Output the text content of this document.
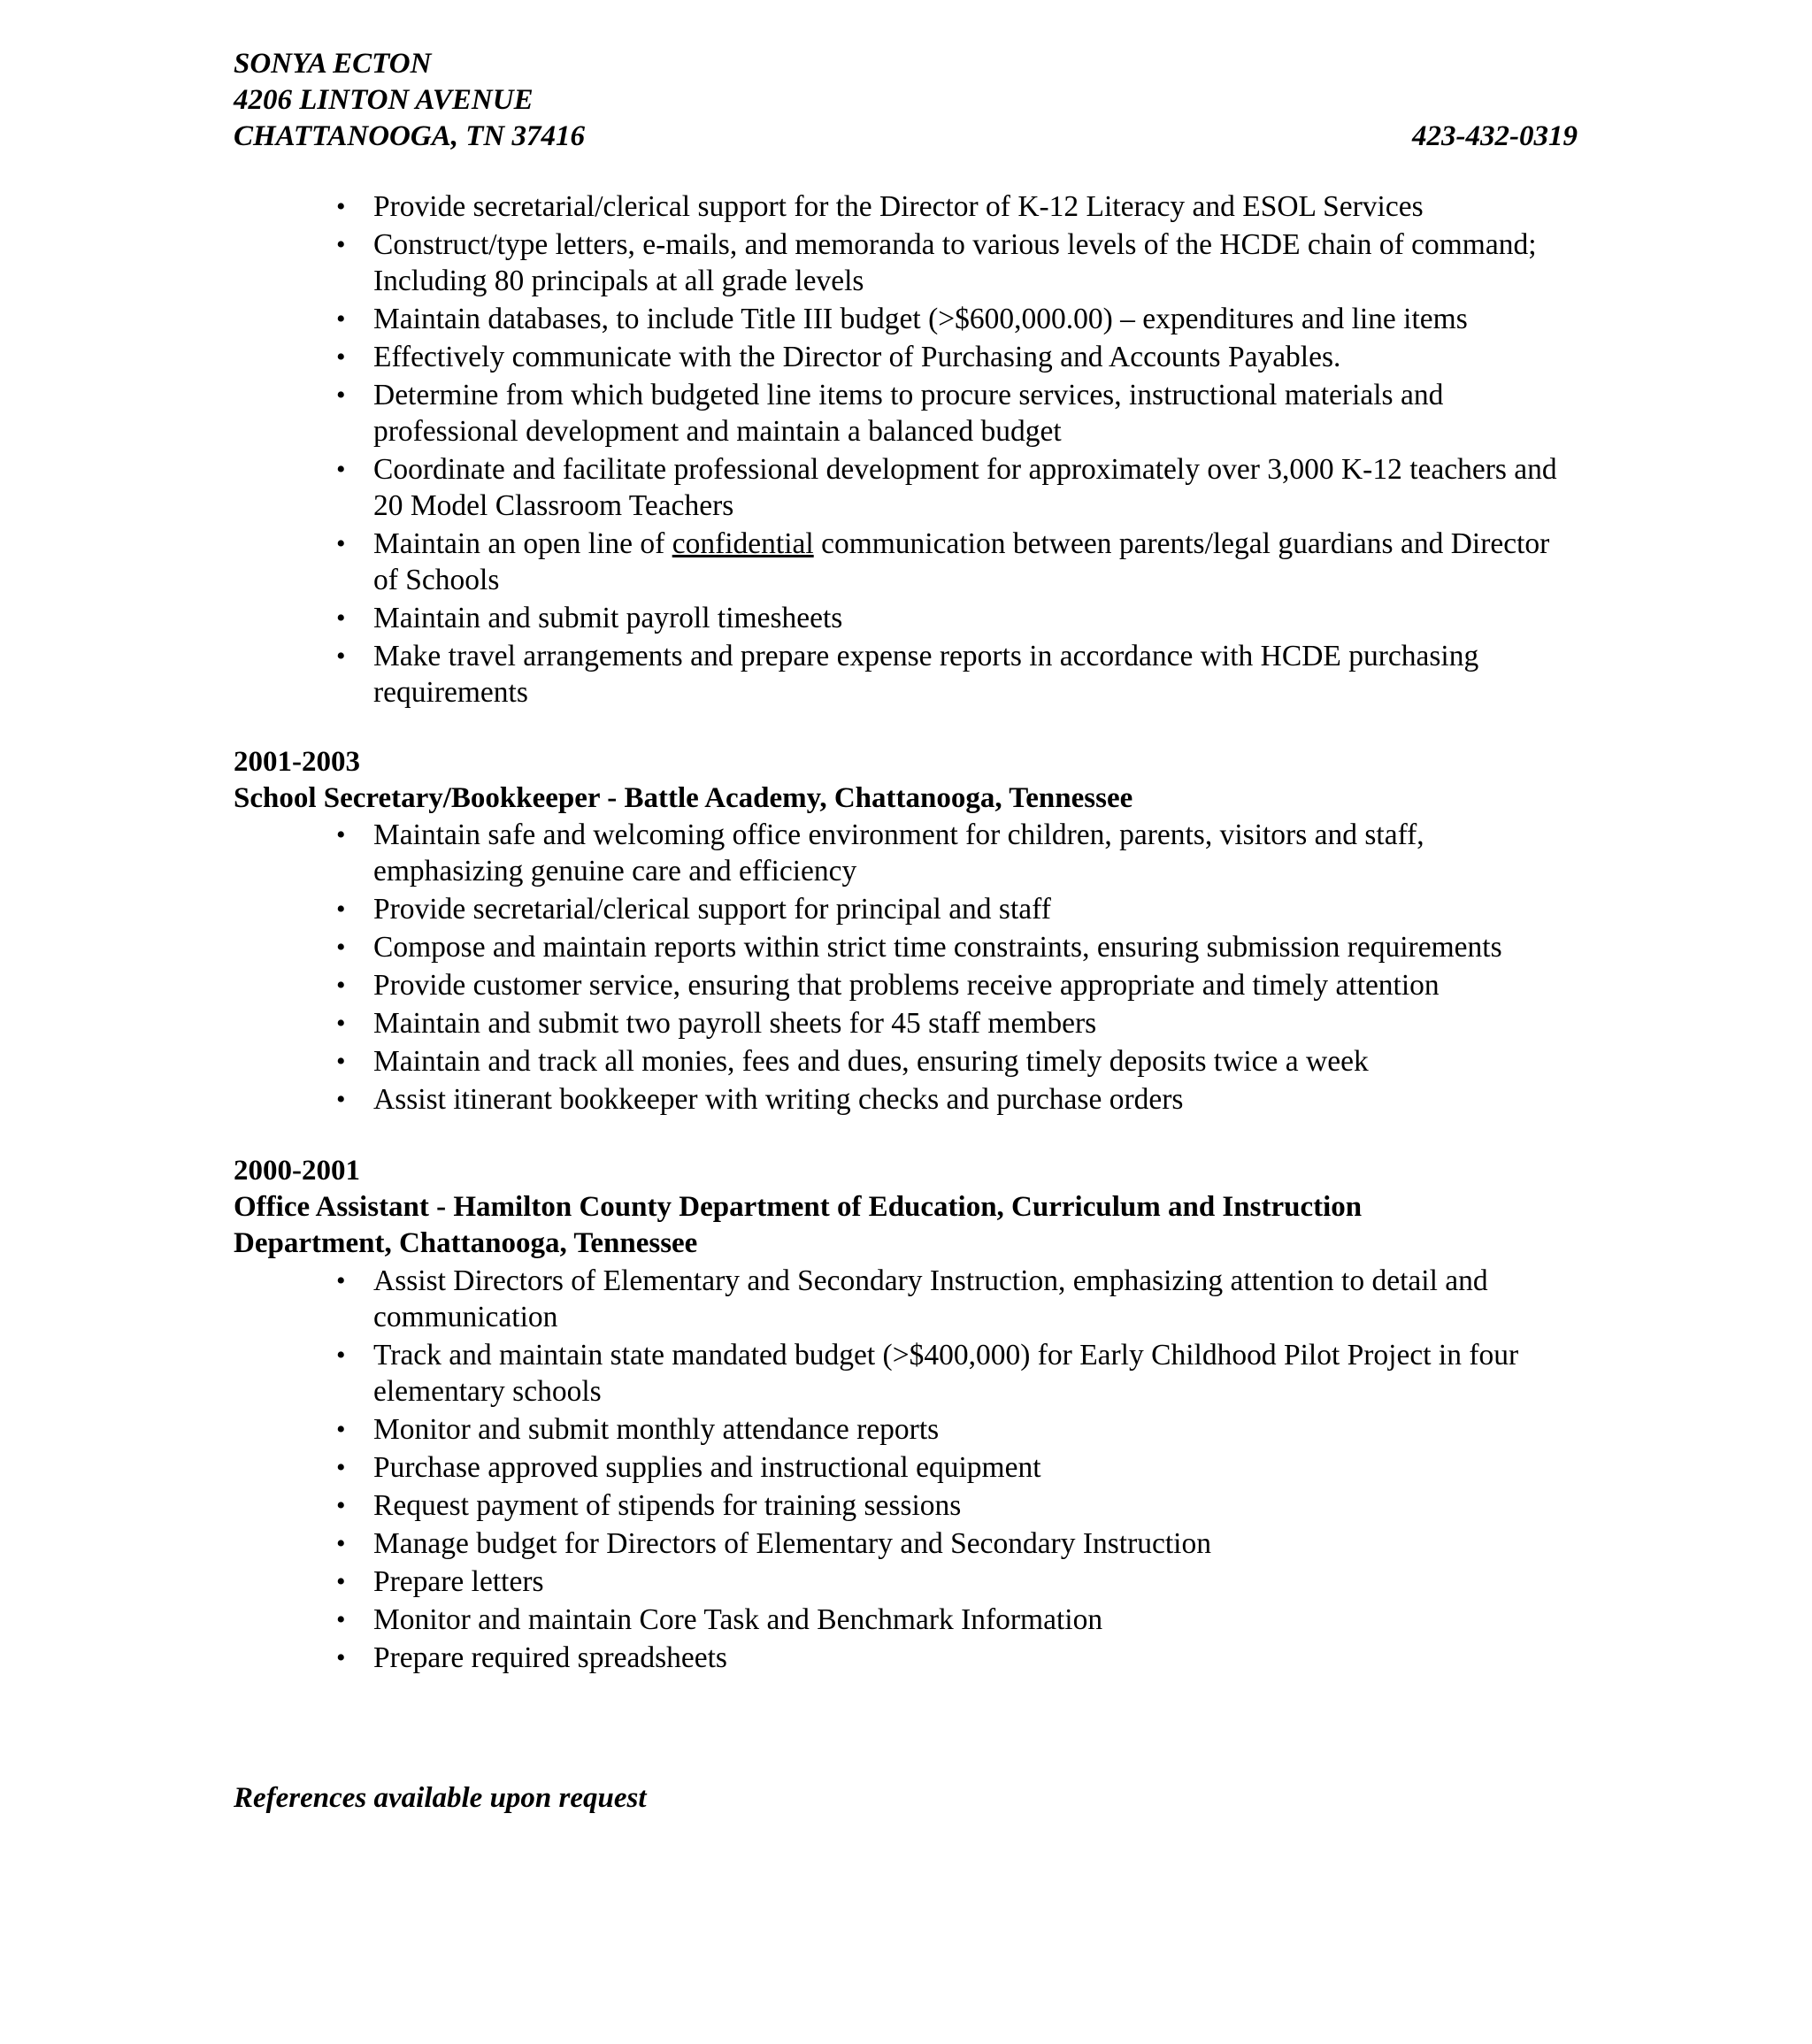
SONYA ECTON
4206 LINTON AVENUE
CHATTANOOGA, TN 37416	423-432-0319
• Provide secretarial/clerical support for the Director of K-12 Literacy and ESOL Services
• Construct/type letters, e-mails, and memoranda to various levels of the HCDE chain of command; Including 80 principals at all grade levels
• Maintain databases, to include Title III budget (>$600,000.00) – expenditures and line items
• Effectively communicate with the Director of Purchasing and Accounts Payables.
• Determine from which budgeted line items to procure services, instructional materials and professional development and maintain a balanced budget
• Coordinate and facilitate professional development for approximately over 3,000 K-12 teachers and 20 Model Classroom Teachers
• Maintain an open line of confidential communication between parents/legal guardians and Director of Schools
• Maintain and submit payroll timesheets
• Make travel arrangements and prepare expense reports in accordance with HCDE purchasing requirements
2001-2003
School Secretary/Bookkeeper - Battle Academy, Chattanooga, Tennessee
• Maintain safe and welcoming office environment for children, parents, visitors and staff, emphasizing genuine care and efficiency
• Provide secretarial/clerical support for principal and staff
• Compose and maintain reports within strict time constraints, ensuring submission requirements
• Provide customer service, ensuring that problems receive appropriate and timely attention
• Maintain and submit two payroll sheets for 45 staff members
• Maintain and track all monies, fees and dues, ensuring timely deposits twice a week
• Assist itinerant bookkeeper with writing checks and purchase orders
2000-2001
Office Assistant - Hamilton County Department of Education, Curriculum and Instruction Department, Chattanooga, Tennessee
• Assist Directors of Elementary and Secondary Instruction, emphasizing attention to detail and communication
• Track and maintain state mandated budget (>$400,000) for Early Childhood Pilot Project in four elementary schools
• Monitor and submit monthly attendance reports
• Purchase approved supplies and instructional equipment
• Request payment of stipends for training sessions
• Manage budget for Directors of Elementary and Secondary Instruction
• Prepare letters
• Monitor and maintain Core Task and Benchmark Information
• Prepare required spreadsheets
References available upon request
